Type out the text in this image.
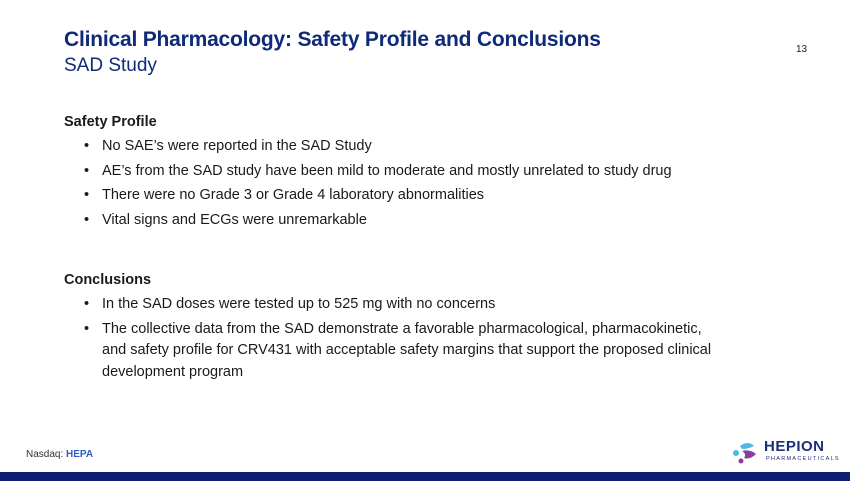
Clinical Pharmacology: Safety Profile and Conclusions
SAD Study
13
Safety Profile
• No SAE’s were reported in the SAD Study
• AE’s from the SAD study have been mild to moderate and mostly unrelated to study drug
• There were no Grade 3 or Grade 4 laboratory abnormalities
• Vital signs and ECGs were unremarkable
Conclusions
• In the SAD doses were tested up to 525 mg with no concerns
• The collective data from the SAD demonstrate a favorable pharmacological, pharmacokinetic, and safety profile for CRV431 with acceptable safety margins that support the proposed clinical development program
Nasdaq: HEPA	HEPION
PHARMACEUTICALS
